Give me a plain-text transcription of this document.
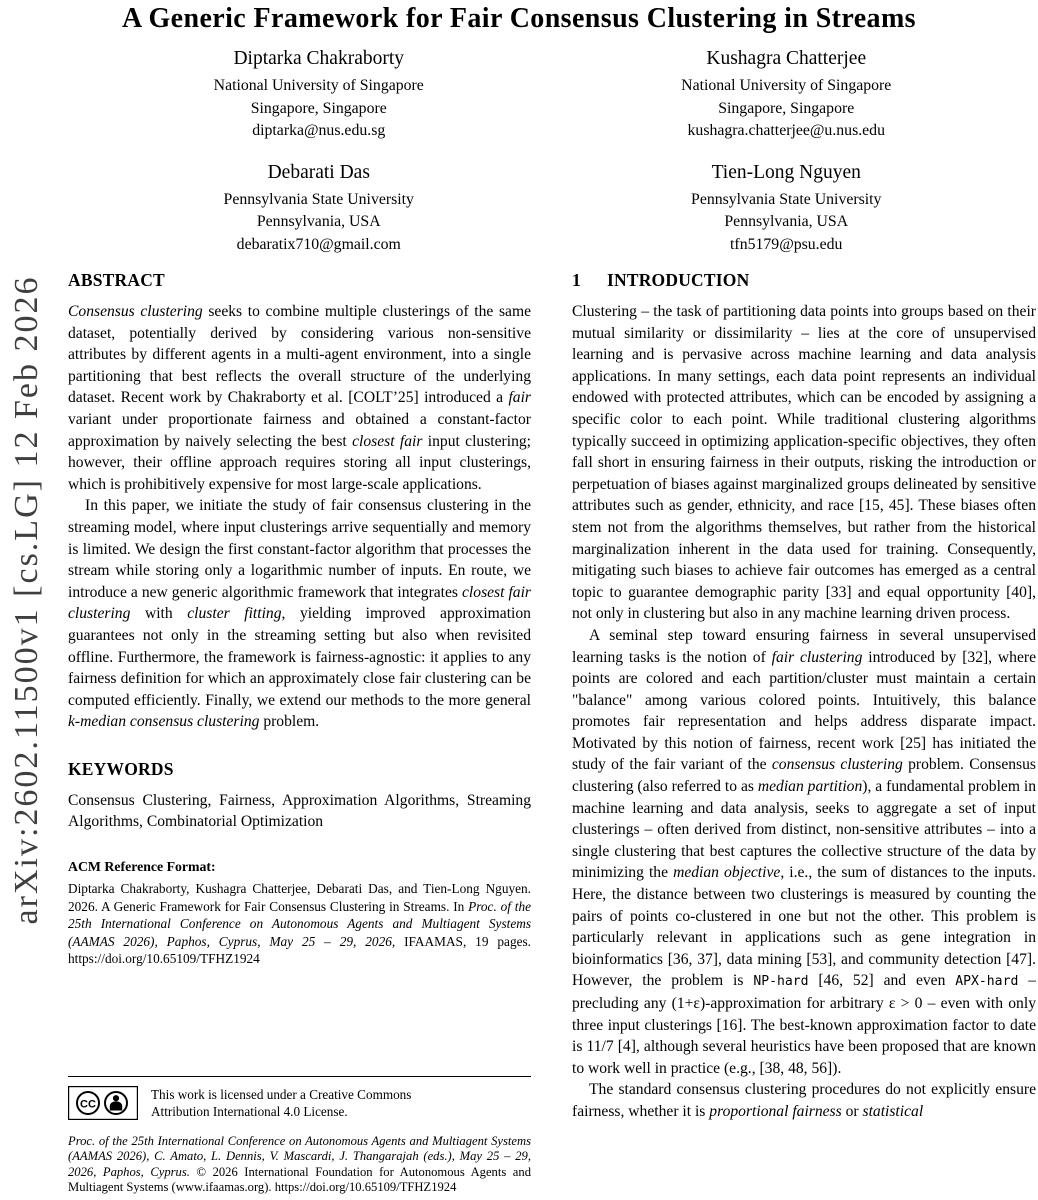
arXiv:2602.11500v1 [cs.LG] 12 Feb 2026
A Generic Framework for Fair Consensus Clustering in Streams
Diptarka Chakraborty
National University of Singapore
Singapore, Singapore
diptarka@nus.edu.sg
Kushagra Chatterjee
National University of Singapore
Singapore, Singapore
kushagra.chatterjee@u.nus.edu
Debarati Das
Pennsylvania State University
Pennsylvania, USA
debaratix710@gmail.com
Tien-Long Nguyen
Pennsylvania State University
Pennsylvania, USA
tfn5179@psu.edu
ABSTRACT

Consensus clustering seeks to combine multiple clusterings of the same dataset, potentially derived by considering various non-sensitive attributes by different agents in a multi-agent environment, into a single partitioning that best reflects the overall structure of the underlying dataset. Recent work by Chakraborty et al. [COLT’25] introduced a fair variant under proportionate fairness and obtained a constant-factor approximation by naively selecting the best closest fair input clustering; however, their offline approach requires storing all input clusterings, which is prohibitively expensive for most large-scale applications.

In this paper, we initiate the study of fair consensus clustering in the streaming model, where input clusterings arrive sequentially and memory is limited. We design the first constant-factor algorithm that processes the stream while storing only a logarithmic number of inputs. En route, we introduce a new generic algorithmic framework that integrates closest fair clustering with cluster fitting, yielding improved approximation guarantees not only in the streaming setting but also when revisited offline. Furthermore, the framework is fairness-agnostic: it applies to any fairness definition for which an approximately close fair clustering can be computed efficiently. Finally, we extend our methods to the more general k-median consensus clustering problem.

KEYWORDS

Consensus Clustering, Fairness, Approximation Algorithms, Streaming Algorithms, Combinatorial Optimization

ACM Reference Format:

Diptarka Chakraborty, Kushagra Chatterjee, Debarati Das, and Tien-Long Nguyen. 2026. A Generic Framework for Fair Consensus Clustering in Streams. In Proc. of the 25th International Conference on Autonomous Agents and Multiagent Systems (AAMAS 2026), Paphos, Cyprus, May 25 – 29, 2026, IFAAMAS, 19 pages. https://doi.org/10.65109/TFHZ1924

CC

This work is licensed under a Creative Commons Attribution International 4.0 License.

Proc. of the 25th International Conference on Autonomous Agents and Multiagent Systems (AAMAS 2026), C. Amato, L. Dennis, V. Mascardi, J. Thangarajah (eds.), May 25 – 29, 2026, Paphos, Cyprus. © 2026 International Foundation for Autonomous Agents and Multiagent Systems (www.ifaamas.org). https://doi.org/10.65109/TFHZ1924

1 INTRODUCTION

Clustering – the task of partitioning data points into groups based on their mutual similarity or dissimilarity – lies at the core of unsupervised learning and is pervasive across machine learning and data analysis applications. In many settings, each data point represents an individual endowed with protected attributes, which can be encoded by assigning a specific color to each point. While traditional clustering algorithms typically succeed in optimizing application-specific objectives, they often fall short in ensuring fairness in their outputs, risking the introduction or perpetuation of biases against marginalized groups delineated by sensitive attributes such as gender, ethnicity, and race [15, 45]. These biases often stem not from the algorithms themselves, but rather from the historical marginalization inherent in the data used for training. Consequently, mitigating such biases to achieve fair outcomes has emerged as a central topic to guarantee demographic parity [33] and equal opportunity [40], not only in clustering but also in any machine learning driven process.

A seminal step toward ensuring fairness in several unsupervised learning tasks is the notion of fair clustering introduced by [32], where points are colored and each partition/cluster must maintain a certain "balance" among various colored points. Intuitively, this balance promotes fair representation and helps address disparate impact. Motivated by this notion of fairness, recent work [25] has initiated the study of the fair variant of the consensus clustering problem. Consensus clustering (also referred to as median partition), a fundamental problem in machine learning and data analysis, seeks to aggregate a set of input clusterings – often derived from distinct, non-sensitive attributes – into a single clustering that best captures the collective structure of the data by minimizing the median objective, i.e., the sum of distances to the inputs. Here, the distance between two clusterings is measured by counting the pairs of points co-clustered in one but not the other. This problem is particularly relevant in applications such as gene integration in bioinformatics [36, 37], data mining [53], and community detection [47]. However, the problem is NP-hard [46, 52] and even APX-hard – precluding any (1+ε)-approximation for arbitrary ε > 0 – even with only three input clusterings [16]. The best-known approximation factor to date is 11/7 [4], although several heuristics have been proposed that are known to work well in practice (e.g., [38, 48, 56]).

The standard consensus clustering procedures do not explicitly ensure fairness, whether it is proportional fairness or statistical
